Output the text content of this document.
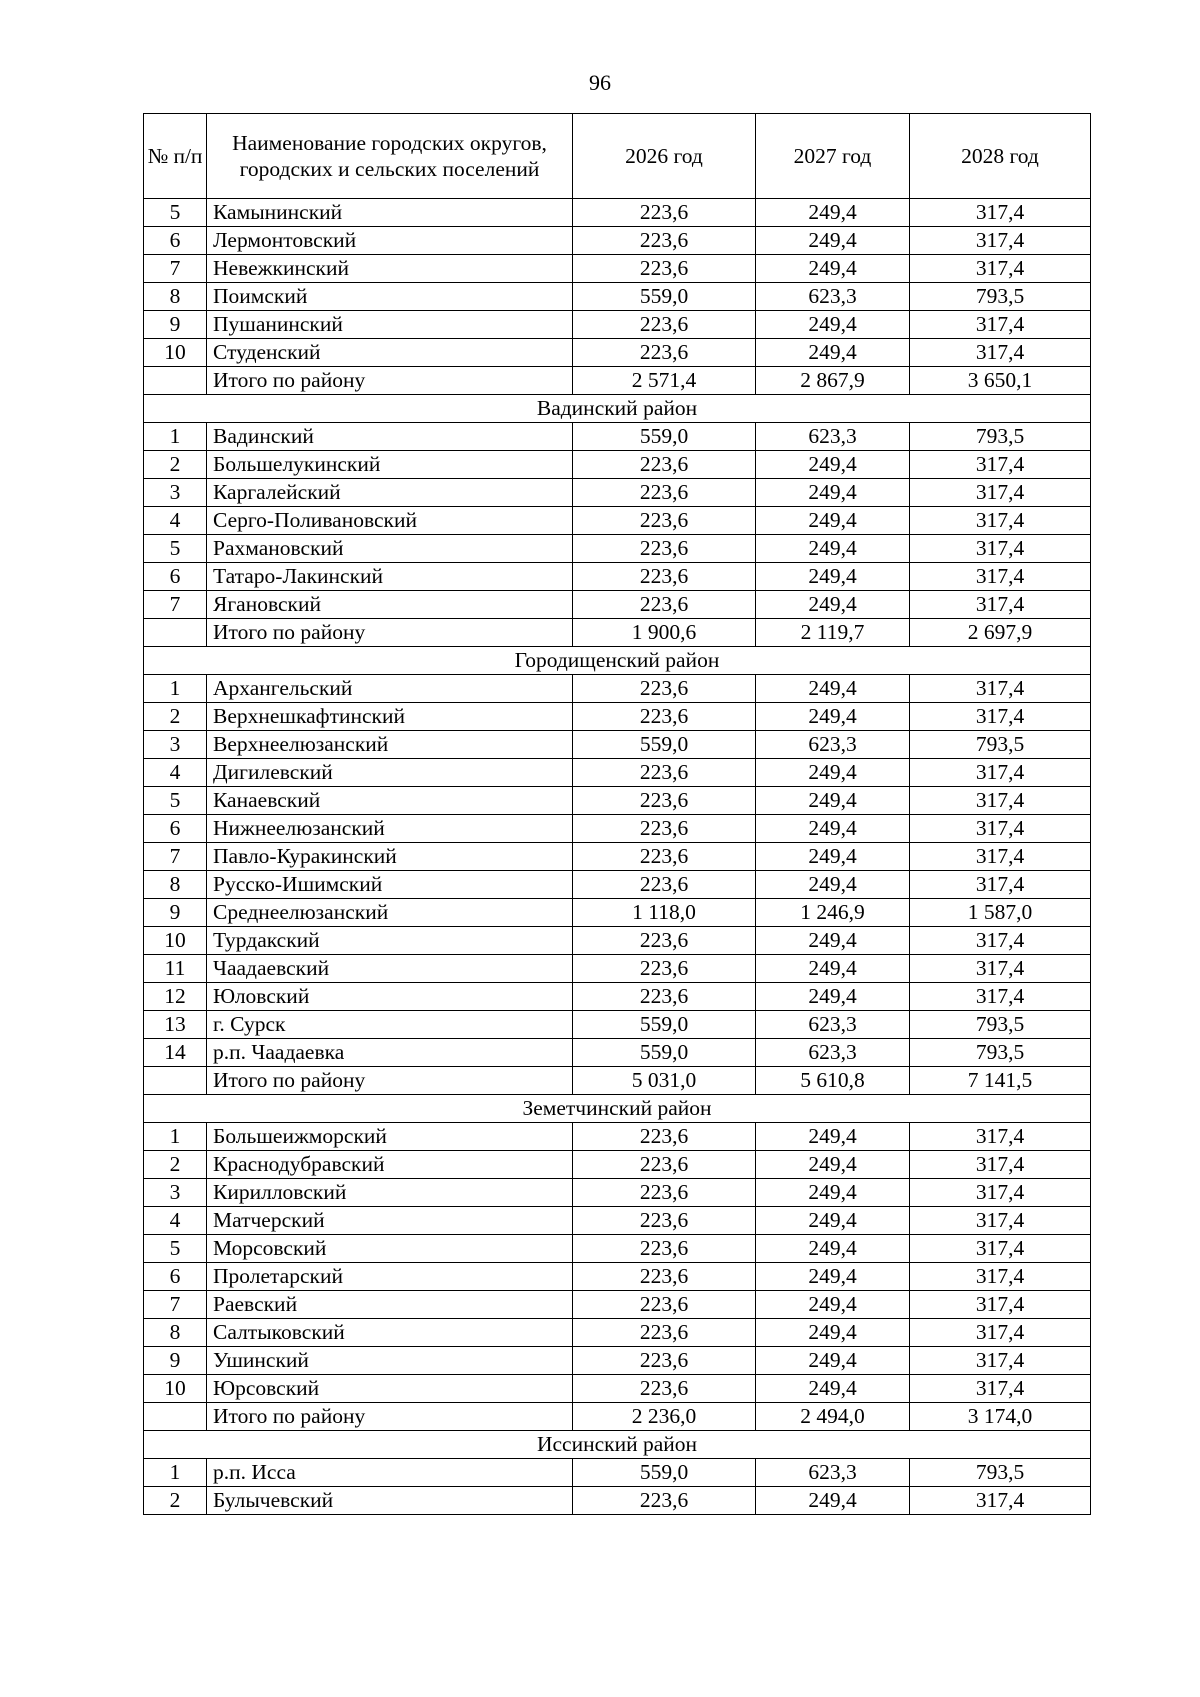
96
№ п/п	Наименование городских округов, городских и сельских поселений	2026 год	2027 год	2028 год
5	Камынинский	223,6	249,4	317,4
6	Лермонтовский	223,6	249,4	317,4
7	Невежкинский	223,6	249,4	317,4
8	Поимский	559,0	623,3	793,5
9	Пушанинский	223,6	249,4	317,4
10	Студенский	223,6	249,4	317,4
	Итого по району	2 571,4	2 867,9	3 650,1
Вадинский район				
1	Вадинский	559,0	623,3	793,5
2	Большелукинский	223,6	249,4	317,4
3	Каргалейский	223,6	249,4	317,4
4	Серго-Поливановский	223,6	249,4	317,4
5	Рахмановский	223,6	249,4	317,4
6	Татаро-Лакинский	223,6	249,4	317,4
7	Ягановский	223,6	249,4	317,4
	Итого по району	1 900,6	2 119,7	2 697,9
Городищенский район				
1	Архангельский	223,6	249,4	317,4
2	Верхнешкафтинский	223,6	249,4	317,4
3	Верхнеелюзанский	559,0	623,3	793,5
4	Дигилевский	223,6	249,4	317,4
5	Канаевский	223,6	249,4	317,4
6	Нижнеелюзанский	223,6	249,4	317,4
7	Павло-Куракинский	223,6	249,4	317,4
8	Русско-Ишимский	223,6	249,4	317,4
9	Среднеелюзанский	1 118,0	1 246,9	1 587,0
10	Турдакский	223,6	249,4	317,4
11	Чаадаевский	223,6	249,4	317,4
12	Юловский	223,6	249,4	317,4
13	г. Сурск	559,0	623,3	793,5
14	р.п. Чаадаевка	559,0	623,3	793,5
	Итого по району	5 031,0	5 610,8	7 141,5
Земетчинский район				
1	Большеижморский	223,6	249,4	317,4
2	Краснодубравский	223,6	249,4	317,4
3	Кирилловский	223,6	249,4	317,4
4	Матчерский	223,6	249,4	317,4
5	Морсовский	223,6	249,4	317,4
6	Пролетарский	223,6	249,4	317,4
7	Раевский	223,6	249,4	317,4
8	Салтыковский	223,6	249,4	317,4
9	Ушинский	223,6	249,4	317,4
10	Юрсовский	223,6	249,4	317,4
	Итого по району	2 236,0	2 494,0	3 174,0
Иссинский район				
1	р.п. Исса	559,0	623,3	793,5
2	Булычевский	223,6	249,4	317,4
